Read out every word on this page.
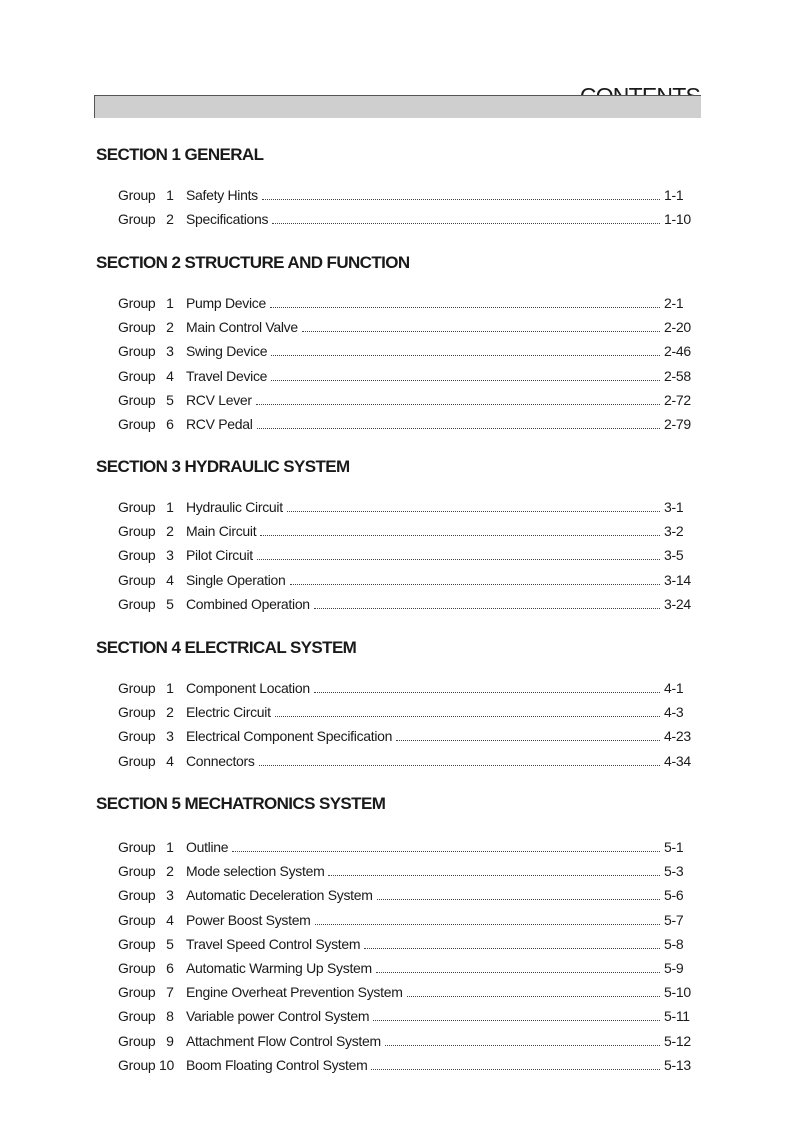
SECTION 1 GENERAL
Group   1 Safety Hints	1-1
Group   2 Specifications	1-10
SECTION 2 STRUCTURE AND FUNCTION
Group   1 Pump Device	2-1
Group   2 Main Control Valve	2-20
Group   3 Swing Device	2-46
Group   4 Travel Device	2-58
Group   5 RCV Lever	2-72
Group   6 RCV Pedal	2-79
SECTION 3 HYDRAULIC SYSTEM
Group   1 Hydraulic Circuit	3-1
Group   2 Main Circuit	3-2
Group   3 Pilot Circuit	3-5
Group   4 Single Operation	3-14
Group   5 Combined Operation	3-24
SECTION 4 ELECTRICAL SYSTEM
Group   1 Component Location	4-1
Group   2 Electric Circuit	4-3
Group   3 Electrical Component Specification	4-23
Group   4 Connectors	4-34
SECTION 5 MECHATRONICS SYSTEM
Group   1 Outline	5-1
Group   2 Mode selection System	5-3
Group   3 Automatic Deceleration System	5-6
Group   4 Power Boost System	5-7
Group   5 Travel Speed Control System	5-8
Group   6 Automatic Warming Up System	5-9
Group   7 Engine Overheat Prevention System	5-10
Group   8 Variable power Control System	5-11
Group   9 Attachment Flow Control System	5-12
Group 10 Boom Floating Control System	5-13
